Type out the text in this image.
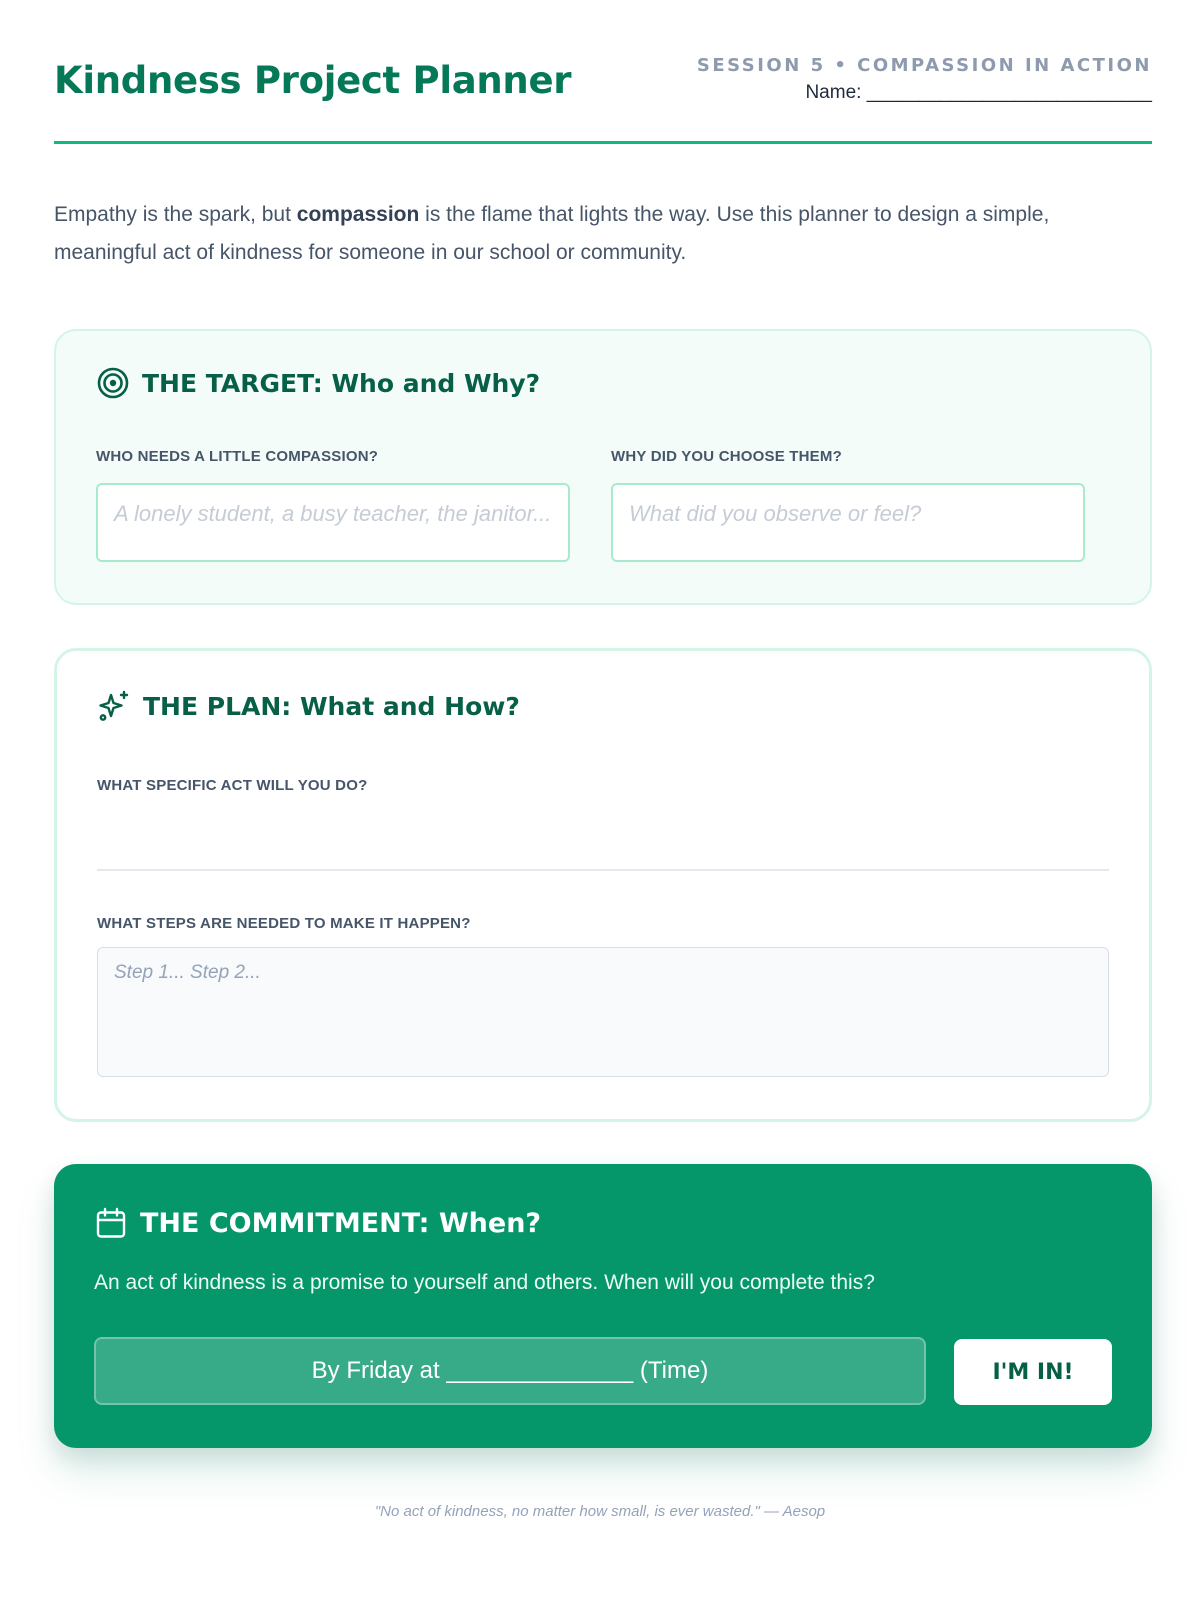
Kindness Project Planner	SESSION 5 • COMPASSION IN ACTION
Name: ___________________________

Empathy is the spark, but compassion is the flame that lights the way. Use this planner to design a simple, meaningful act of kindness for someone in our school or community.

THE TARGET: Who and Why?
WHO NEEDS A LITTLE COMPASSION?
A lonely student, a busy teacher, the janitor...
WHY DID YOU CHOOSE THEM?
What did you observe or feel?
THE PLAN: What and How?
WHAT SPECIFIC ACT WILL YOU DO?
WHAT STEPS ARE NEEDED TO MAKE IT HAPPEN?
Step 1... Step 2...
THE COMMITMENT: When?
An act of kindness is a promise to yourself and others. When will you complete this?
By Friday at ______________ (Time)	I'M IN!
"No act of kindness, no matter how small, is ever wasted." — Aesop
